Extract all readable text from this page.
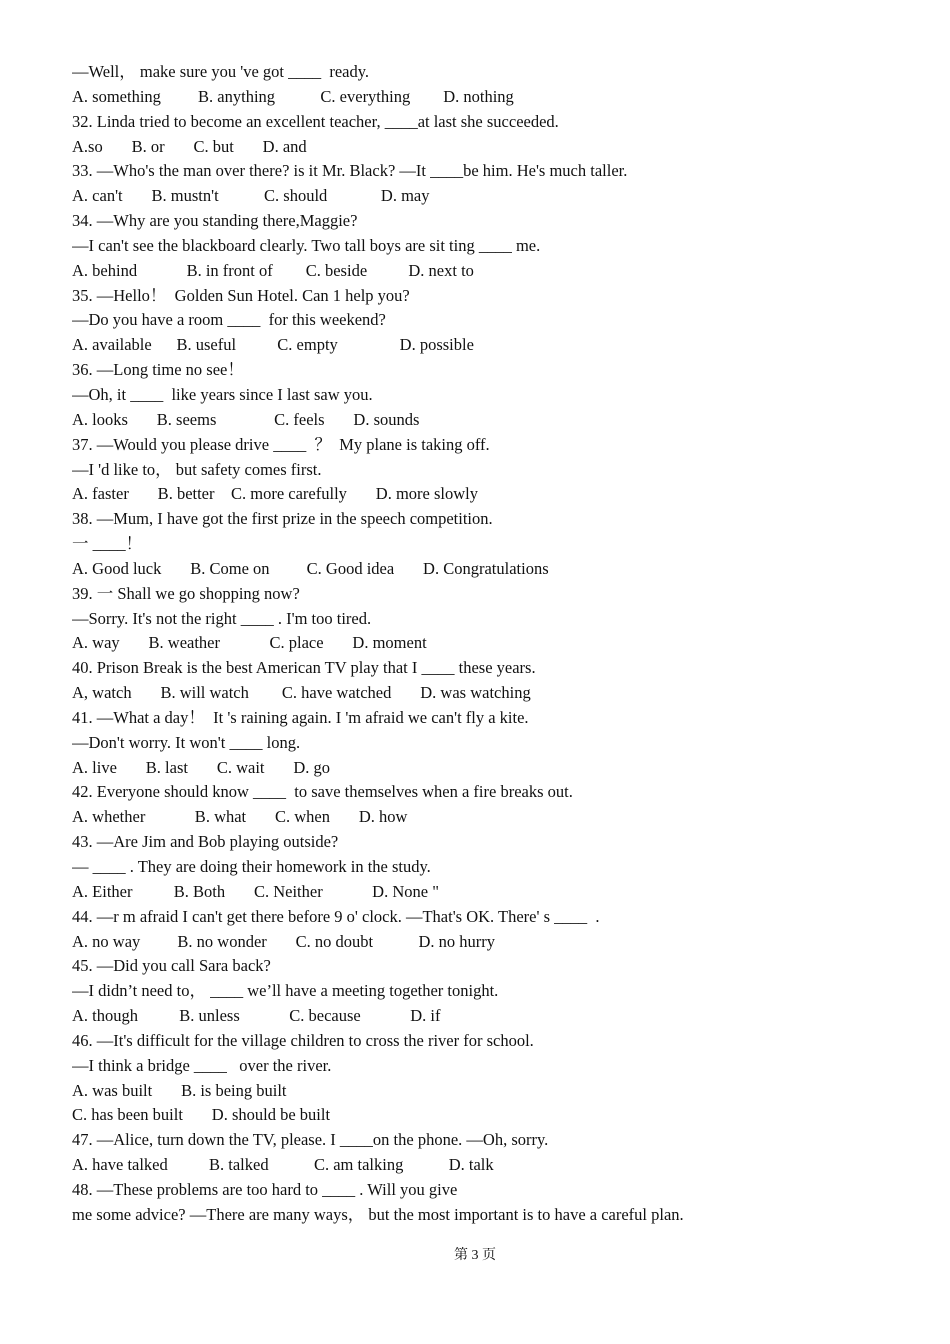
—Well， make sure you 've got ____  ready.
A. something         B. anything           C. everything        D. nothing
32. Linda tried to become an excellent teacher, ____at last she succeeded.
A.so       B. or       C. but       D. and
33. —Who's the man over there? is it Mr. Black? —It ____be him. He's much taller.
A. can't       B. mustn't           C. should             D. may
34. —Why are you standing there,Maggie?
—I can't see the blackboard clearly. Two tall boys are sit ting ____ me.
A. behind            B. in front of        C. beside          D. next to
35. —Hello！  Golden Sun Hotel. Can 1 help you?
—Do you have a room ____  for this weekend?
A. available      B. useful          C. empty               D. possible
36. —Long time no see！
—Oh, it ____  like years since I last saw you.
A. looks       B. seems              C. feels       D. sounds
37. —Would you please drive ____  ？  My plane is taking off.
—I 'd like to， but safety comes first.
A. faster       B. better    C. more carefully       D. more slowly
38. —Mum, I have got the first prize in the speech competition.
一 ____！
A. Good luck       B. Come on         C. Good idea       D. Congratulations
39. 一 Shall we go shopping now?
—Sorry. It's not the right ____ . I'm too tired.
A. way       B. weather            C. place       D. moment
40. Prison Break is the best American TV play that I ____ these years.
A, watch       B. will watch        C. have watched       D. was watching
41. —What a day！  It 's raining again. I 'm afraid we can't fly a kite.
—Don't worry. It won't ____ long.
A. live       B. last       C. wait       D. go
42. Everyone should know ____  to save themselves when a fire breaks out.
A. whether            B. what       C. when       D. how
43. —Are Jim and Bob playing outside?
— ____ . They are doing their homework in the study.
A. Either          B. Both       C. Neither            D. None "
44. —r m afraid I can't get there before 9 o' clock. —That's OK. There' s ____  .
A. no way         B. no wonder       C. no doubt           D. no hurry
45. —Did you call Sara back?
—I didn’t need to， ____ we’ll have a meeting together tonight.
A. though          B. unless            C. because            D. if
46. —It's difficult for the village children to cross the river for school.
—I think a bridge ____   over the river.
A. was built       B. is being built
C. has been built       D. should be built
47. —Alice, turn down the TV, please. I ____on the phone. —Oh, sorry.
A. have talked          B. talked           C. am talking           D. talk
48. —These problems are too hard to ____ . Will you give
me some advice? —There are many ways， but the most important is to have a careful plan.
第 3 页
